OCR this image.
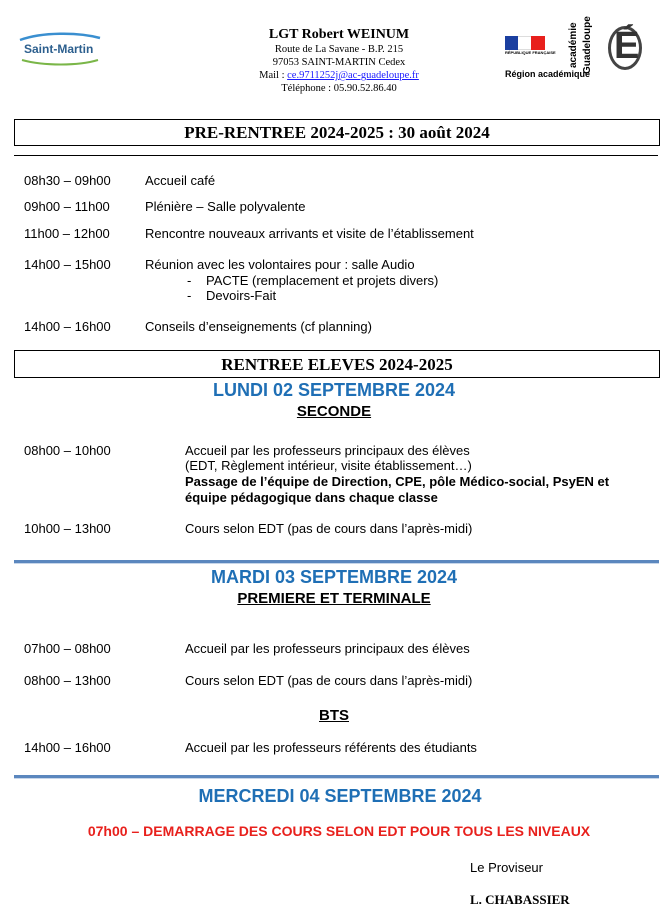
Saint-Martin
LGT Robert WEINUM
Route de La Savane - B.P. 215
97053 SAINT-MARTIN Cedex
Mail : ce.9711252j@ac-guadeloupe.fr
Téléphone : 05.90.52.86.40
RÉPUBLIQUE FRANÇAISE académie Guadeloupe É
Région académique
PRE-RENTREE 2024-2025 : 30 août 2024
08h30 – 09h00	Accueil café
09h00 – 11h00	Plénière – Salle polyvalente
11h00 – 12h00	Rencontre nouveaux arrivants et visite de l’établissement
14h00 – 15h00	Réunion avec les volontaires pour : salle Audio
- PACTE (remplacement et projets divers)
- Devoirs-Fait
14h00 – 16h00	Conseils d’enseignements (cf planning)
RENTREE ELEVES 2024-2025
LUNDI 02 SEPTEMBRE 2024
SECONDE
08h00 – 10h00	Accueil par les professeurs principaux des élèves
(EDT, Règlement intérieur, visite établissement…)
Passage de l’équipe de Direction, CPE, pôle Médico-social, PsyEN et
équipe pédagogique dans chaque classe
10h00 – 13h00	Cours selon EDT (pas de cours dans l’après-midi)
MARDI 03 SEPTEMBRE 2024
PREMIERE ET TERMINALE
07h00 – 08h00	Accueil par les professeurs principaux des élèves
08h00 – 13h00	Cours selon EDT (pas de cours dans l’après-midi)
BTS
14h00 – 16h00	Accueil par les professeurs référents des étudiants
MERCREDI 04 SEPTEMBRE 2024
07h00 – DEMARRAGE DES COURS SELON EDT POUR TOUS LES NIVEAUX
Le Proviseur
L. CHABASSIER
